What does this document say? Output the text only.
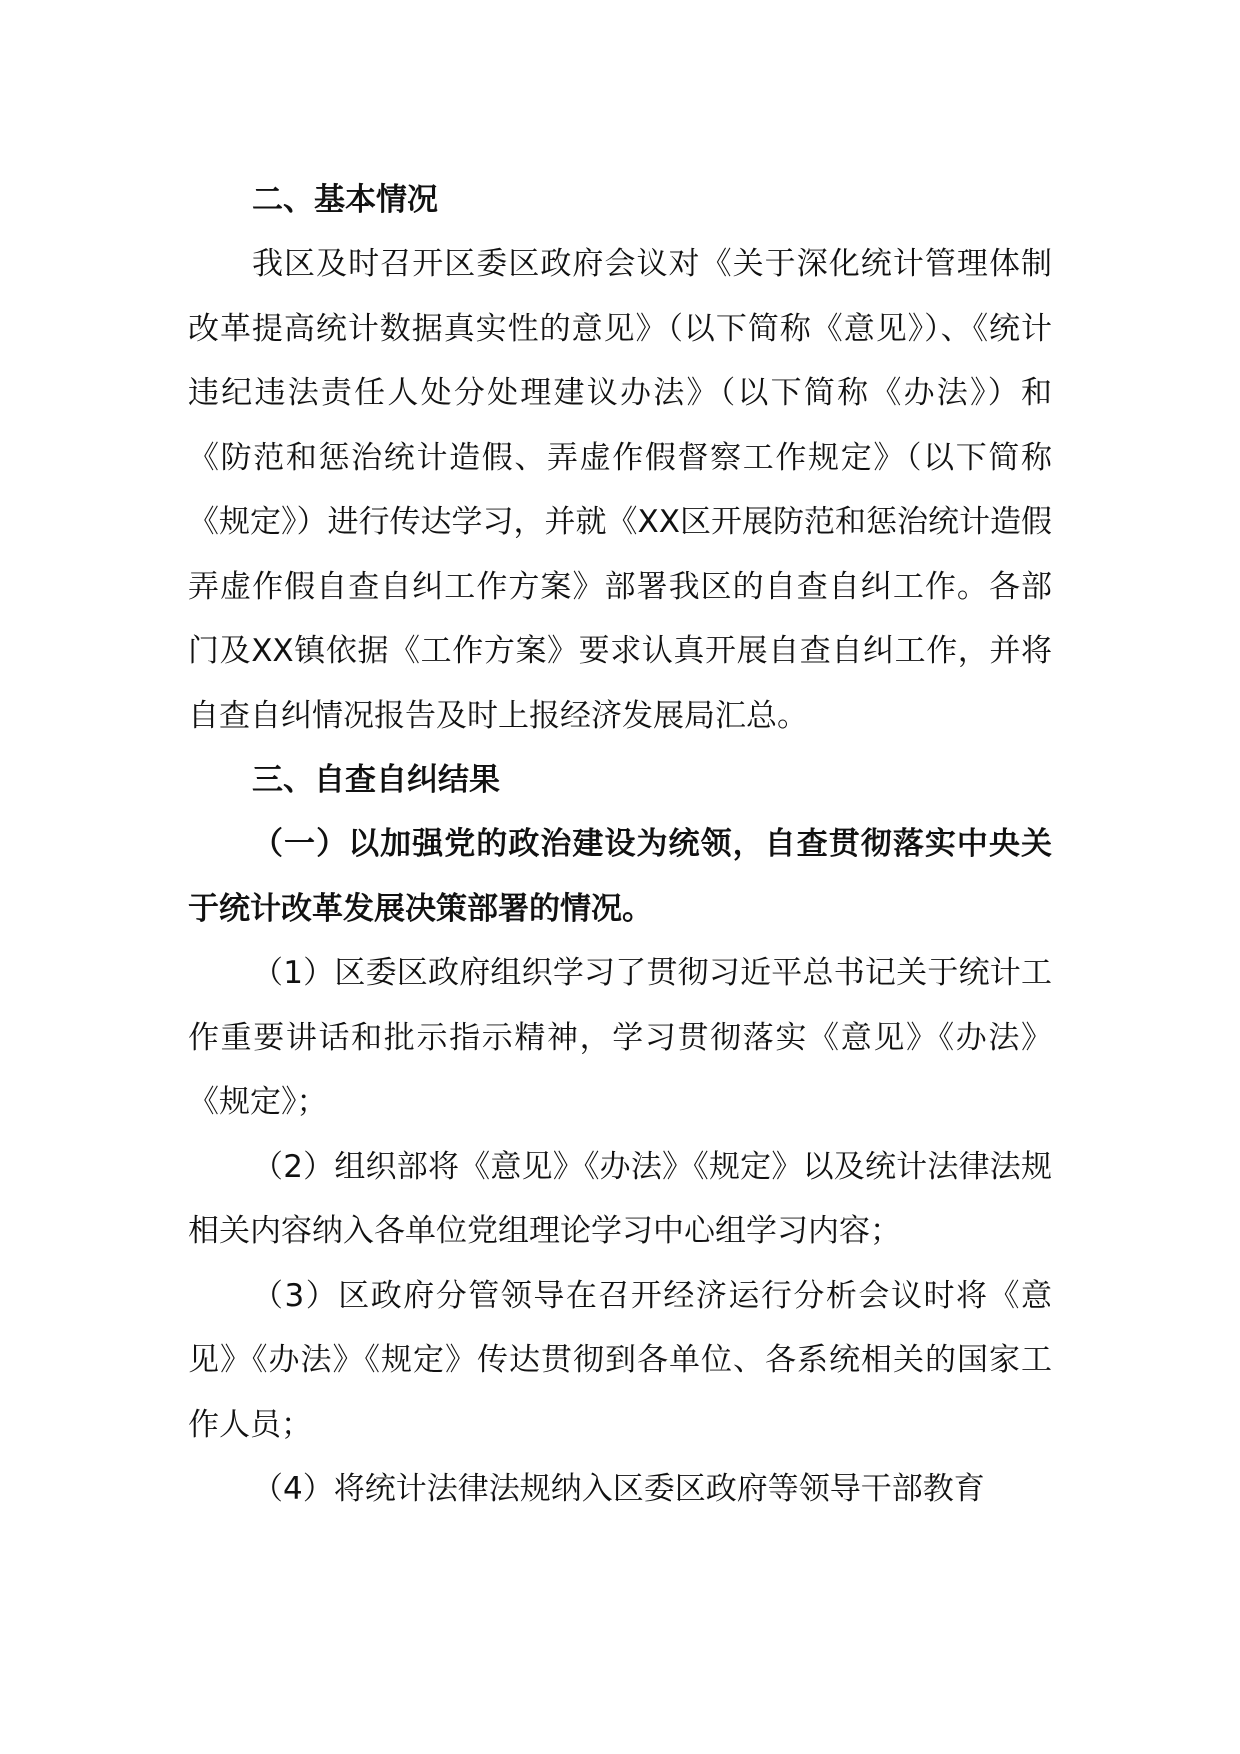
二、基本情况

我区及时召开区委区政府会议对《关于深化统计管理体制改革提高统计数据真实性的意见》（以下简称《意见》）、《统计违纪违法责任人处分处理建议办法》（以下简称《办法》）和《防范和惩治统计造假、弄虚作假督察工作规定》（以下简称《规定》）进行传达学习，并就《XX区开展防范和惩治统计造假弄虚作假自查自纠工作方案》部署我区的自查自纠工作。各部门及XX镇依据《工作方案》要求认真开展自查自纠工作，并将自查自纠情况报告及时上报经济发展局汇总。

三、自查自纠结果

（一）以加强党的政治建设为统领，自查贯彻落实中央关于统计改革发展决策部署的情况。

（1）区委区政府组织学习了贯彻习近平总书记关于统计工作重要讲话和批示指示精神，学习贯彻落实《意见》《办法》《规定》；

（2）组织部将《意见》《办法》《规定》以及统计法律法规相关内容纳入各单位党组理论学习中心组学习内容；

（3）区政府分管领导在召开经济运行分析会议时将《意见》《办法》《规定》传达贯彻到各单位、各系统相关的国家工作人员；

（4）将统计法律法规纳入区委区政府等领导干部教育
